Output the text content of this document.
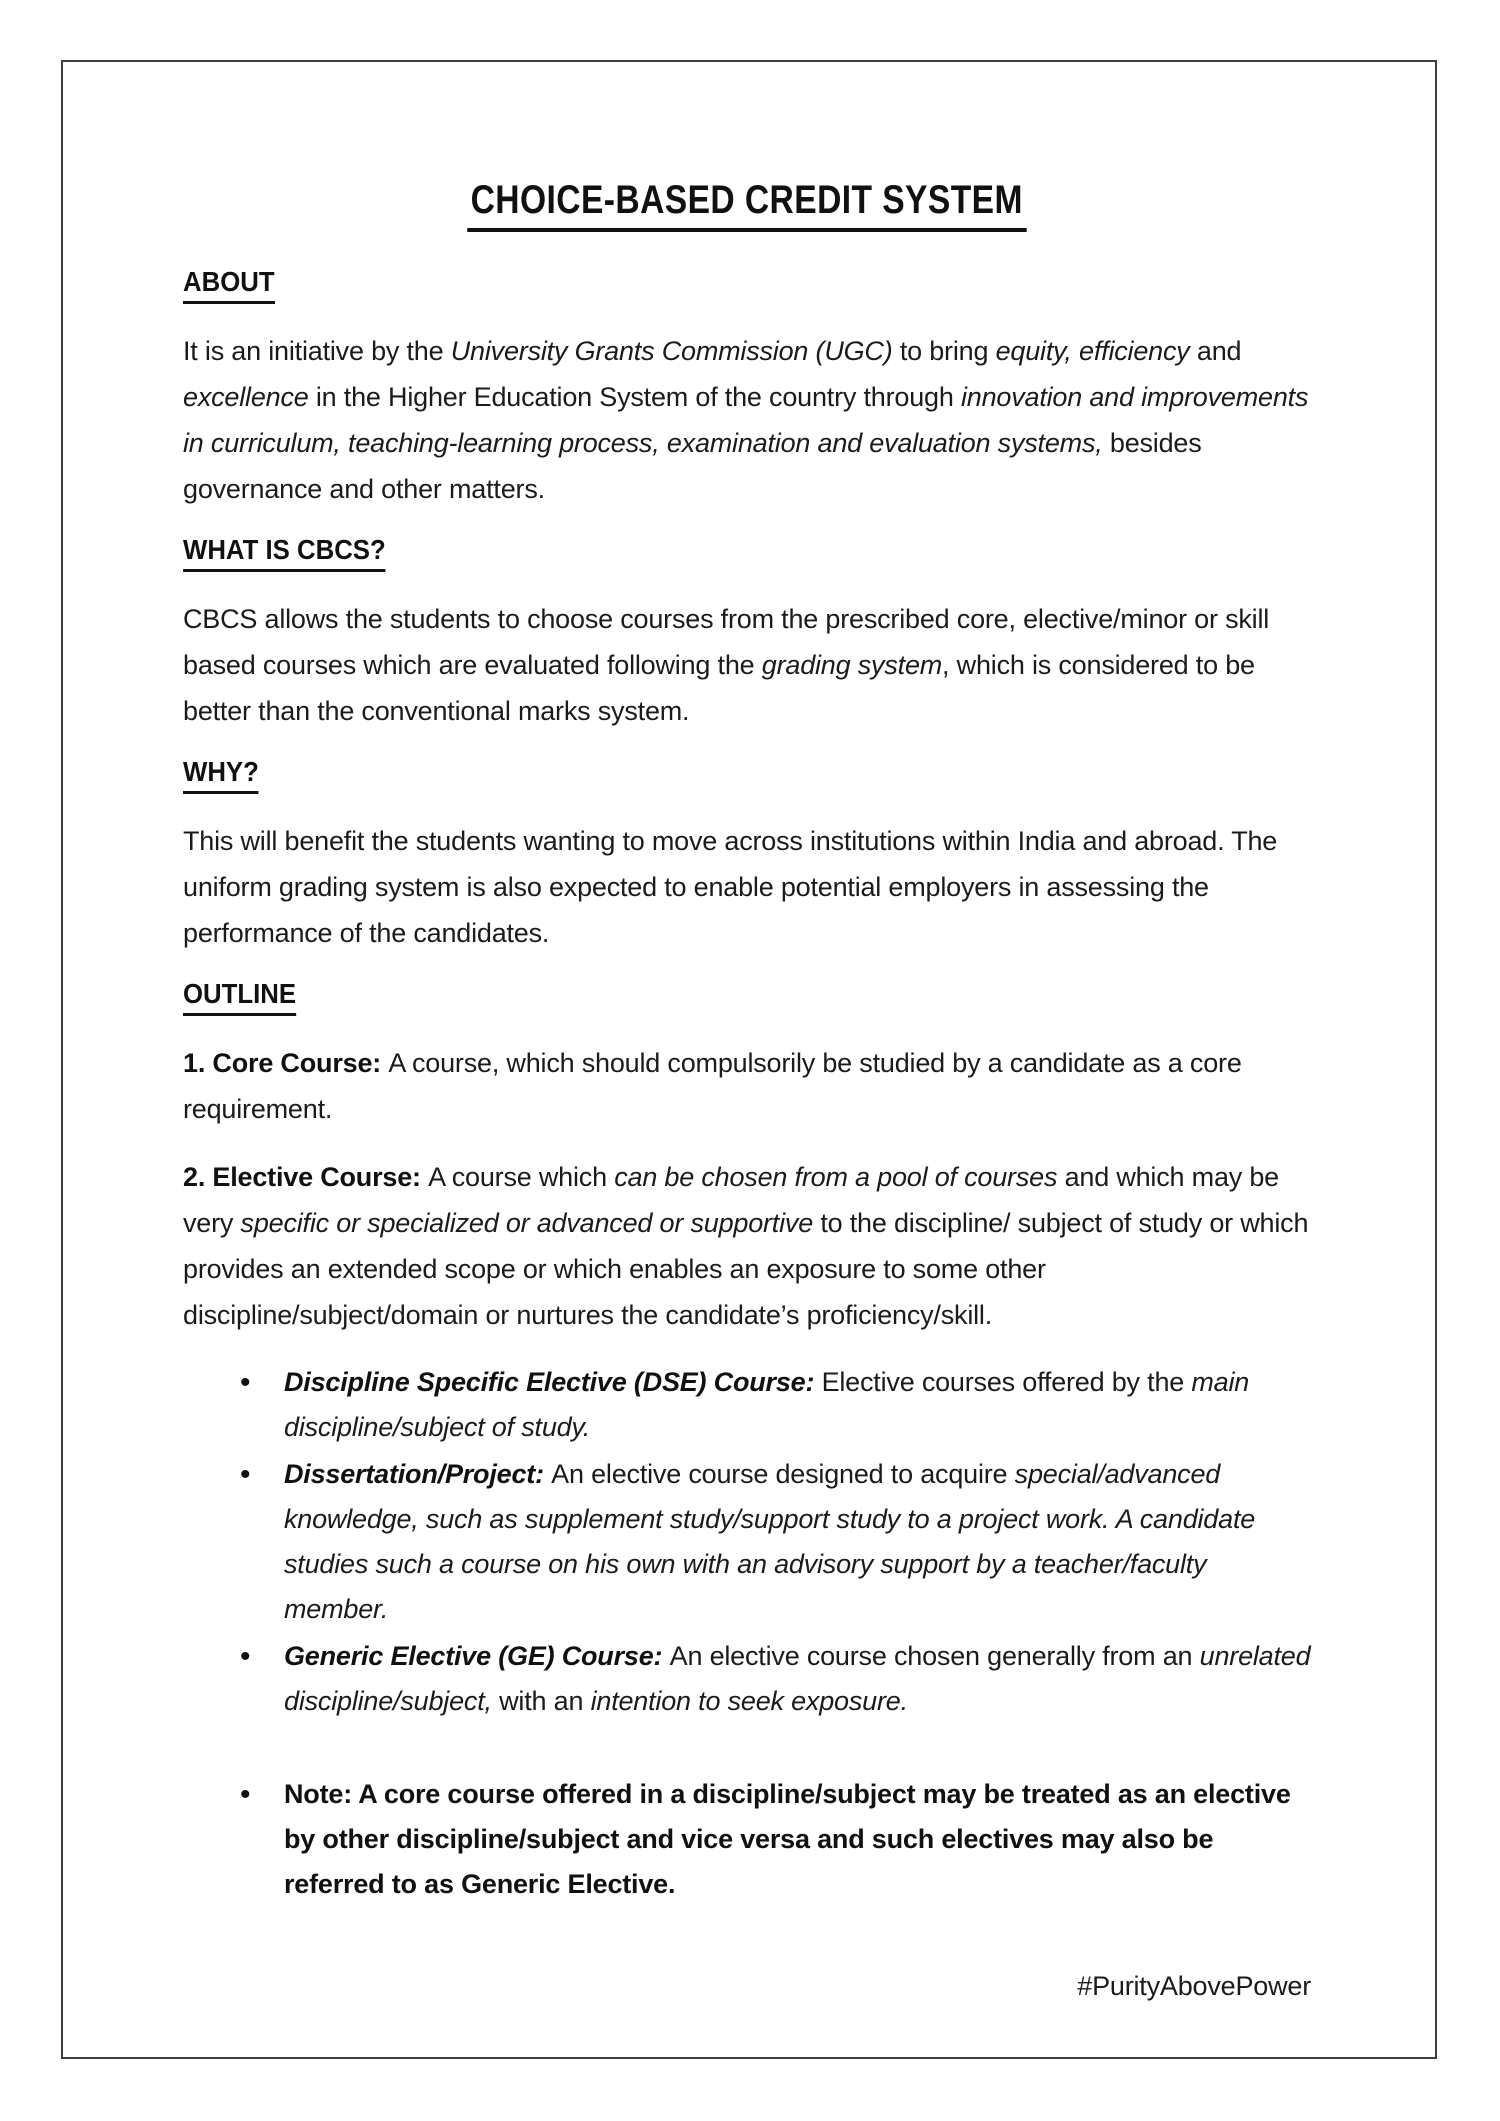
CHOICE-BASED CREDIT SYSTEM
ABOUT

It is an initiative by the University Grants Commission (UGC) to bring equity, efficiency and excellence in the Higher Education System of the country through innovation and improvements in curriculum, teaching-learning process, examination and evaluation systems, besides governance and other matters.

WHAT IS CBCS?

CBCS allows the students to choose courses from the prescribed core, elective/minor or skill based courses which are evaluated following the grading system, which is considered to be better than the conventional marks system.

WHY?

This will benefit the students wanting to move across institutions within India and abroad. The uniform grading system is also expected to enable potential employers in assessing the performance of the candidates.

OUTLINE

1. Core Course: A course, which should compulsorily be studied by a candidate as a core requirement.

2. Elective Course: A course which can be chosen from a pool of courses and which may be very specific or specialized or advanced or supportive to the discipline/ subject of study or which provides an extended scope or which enables an exposure to some other discipline/subject/domain or nurtures the candidate’s proficiency/skill.

•	Discipline Specific Elective (DSE) Course: Elective courses offered by the main discipline/subject of study.
•	Dissertation/Project: An elective course designed to acquire special/advanced knowledge, such as supplement study/support study to a project work. A candidate studies such a course on his own with an advisory support by a teacher/faculty member.
•	Generic Elective (GE) Course: An elective course chosen generally from an unrelated discipline/subject, with an intention to seek exposure.
•	Note: A core course offered in a discipline/subject may be treated as an elective by other discipline/subject and vice versa and such electives may also be referred to as Generic Elective.
#PurityAbovePower
